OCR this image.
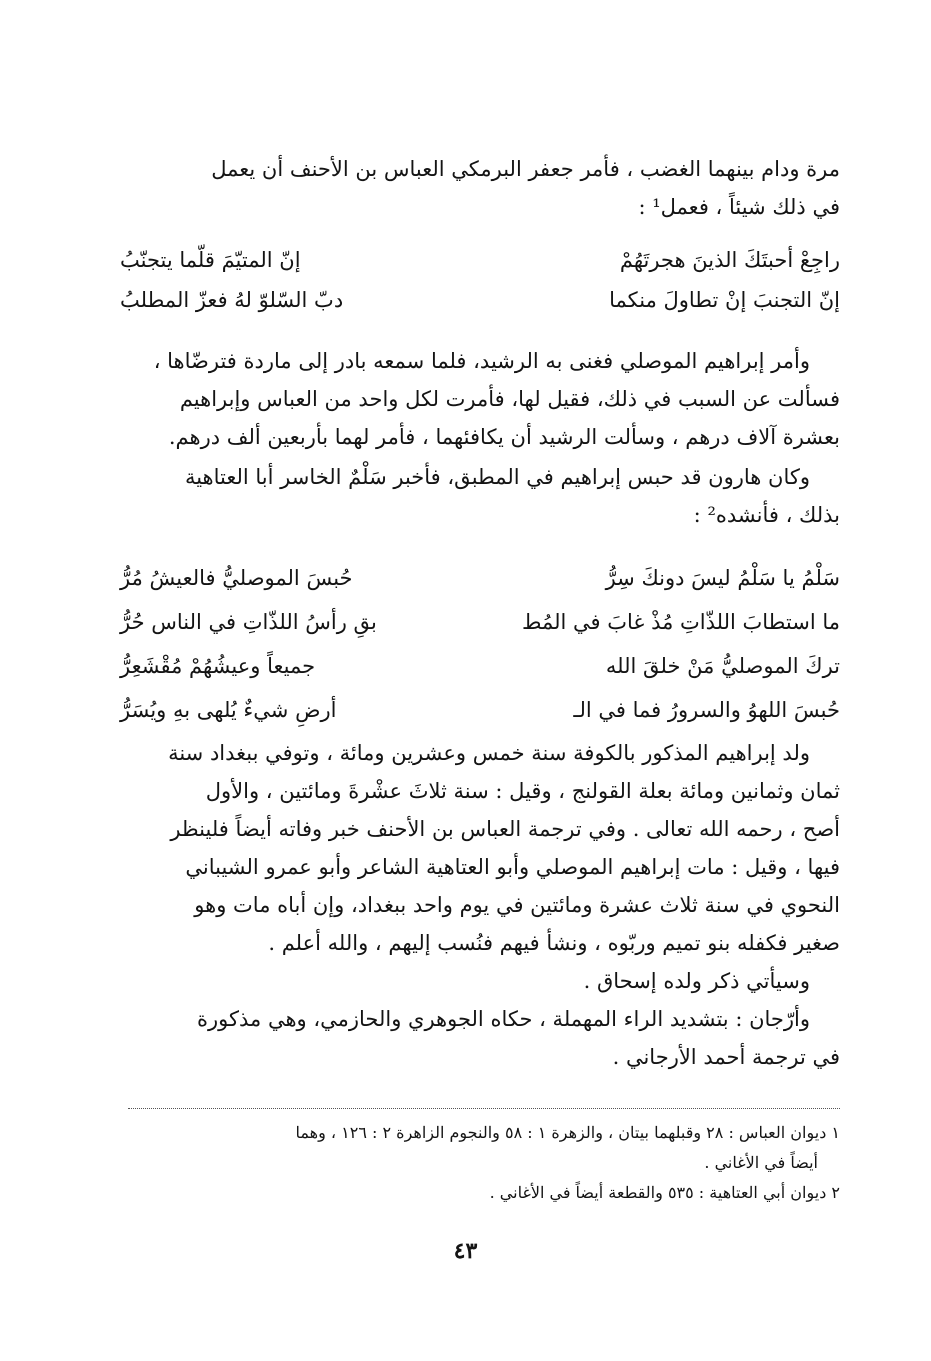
مرة ودام بينهما الغضب ، فأمر جعفر البرمكي العباس بن الأحنف أن يعمل

في ذلك شيئاً ، فعمل¹ :

راجِعْ أحبتَكَ الذينَ هجرتَهُمْ
إنّ المتيّمَ قلّما يتجنّبُ
إنّ التجنبَ إنْ تطاولَ منكما
دبّ السّلوّ لهُ فعزّ المطلبُ

وأمر إبراهيم الموصلي فغنى به الرشيد، فلما سمعه بادر إلى ماردة فترضّاها ،

فسألت عن السبب في ذلك، فقيل لها، فأمرت لكل واحد من العباس وإبراهيم

بعشرة آلاف درهم ، وسألت الرشيد أن يكافئهما ، فأمر لهما بأربعين ألف درهم.

وكان هارون قد حبس إبراهيم في المطبق، فأخبر سَلْمٌ الخاسر أبا العتاهية

بذلك ، فأنشده² :

سَلْمُ يا سَلْمُ ليسَ دونكَ سِرُّ
حُبسَ الموصليُّ فالعيشُ مُرُّ
ما استطابَ اللذّاتِ مُذْ غابَ في المُط
بقِ رأسُ اللذّاتِ في الناس حُرُّ
تركَ الموصليُّ مَنْ خلقَ الله
جميعاً وعيشُهُمْ مُقْشَعِرُّ
حُبسَ اللهوُ والسرورُ فما في الـ
أرضِ شيءٌ يُلهى بهِ ويُسَرُّ

ولد إبراهيم المذكور بالكوفة سنة خمس وعشرين ومائة ، وتوفي ببغداد سنة

ثمان وثمانين ومائة بعلة القولنج ، وقيل : سنة ثلاثَ عشْرةَ ومائتين ، والأول

أصح ، رحمه الله تعالى . وفي ترجمة العباس بن الأحنف خبر وفاته أيضاً فلينظر

فيها ، وقيل : مات إبراهيم الموصلي وأبو العتاهية الشاعر وأبو عمرو الشيباني

النحوي في سنة ثلاث عشرة ومائتين في يوم واحد ببغداد، وإن أباه مات وهو

صغير فكفله بنو تميم وربّوه ، ونشأ فيهم فنُسب إليهم ، والله أعلم .

وسيأتي ذكر ولده إسحاق .

وأرّجان : بتشديد الراء المهملة ، حكاه الجوهري والحازمي، وهي مذكورة

في ترجمة أحمد الأرجاني .

١ ديوان العباس : ٢٨ وقبلهما بيتان ، والزهرة ١ : ٥٨ والنجوم الزاهرة ٢ : ١٢٦ ، وهما

أيضاً في الأغاني .

٢ ديوان أبي العتاهية : ٥٣٥ والقطعة أيضاً في الأغاني .

٤٣
